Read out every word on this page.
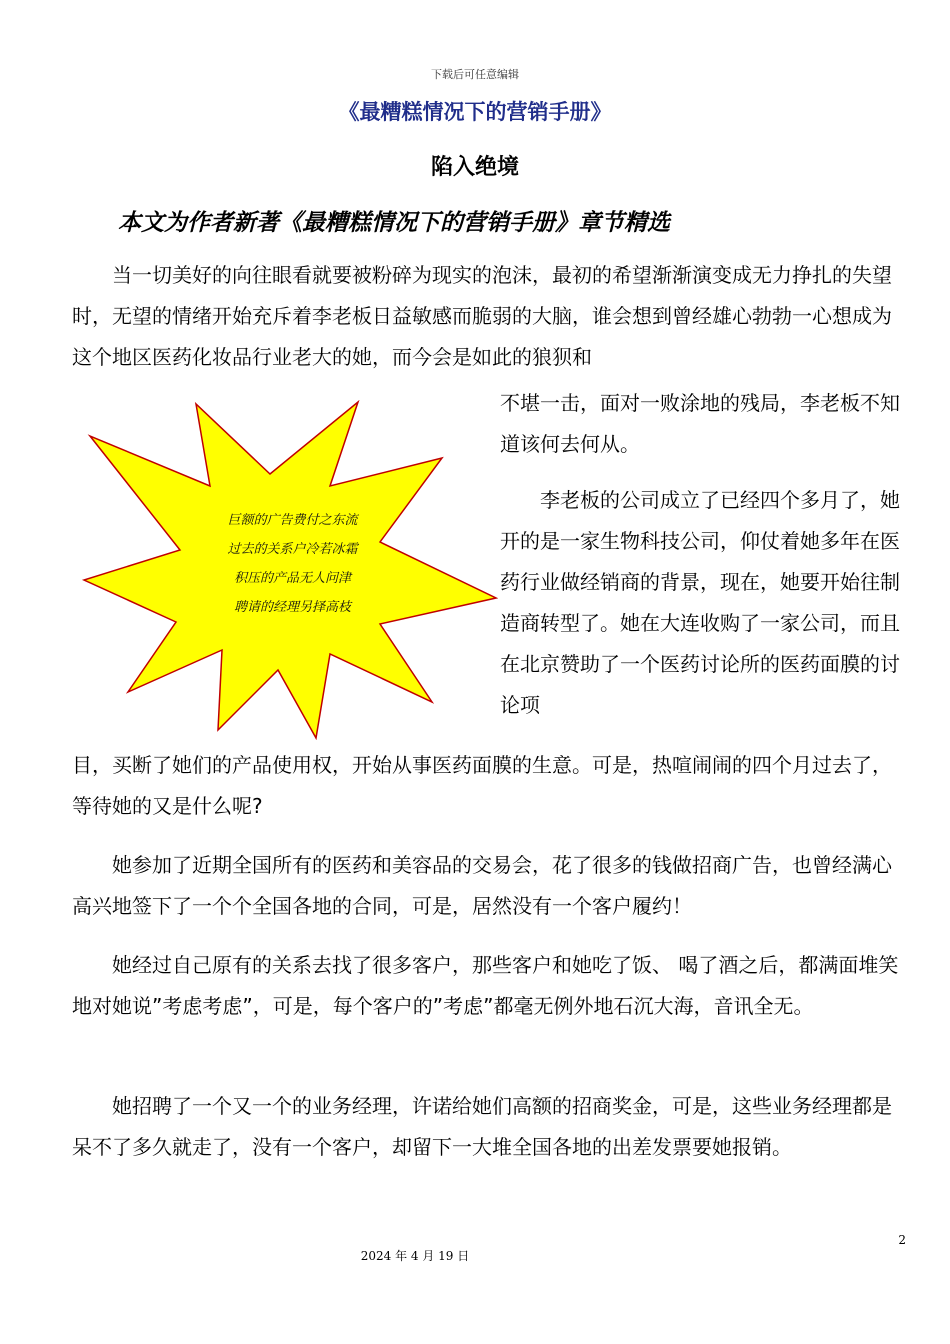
下载后可任意编辑
《最糟糕情况下的营销手册》
陷入绝境
本文为作者新著《最糟糕情况下的营销手册》章节精选

当一切美好的向往眼看就要被粉碎为现实的泡沫，最初的希望渐渐演变成无力挣扎的失望时，无望的情绪开始充斥着李老板日益敏感而脆弱的大脑，谁会想到曾经雄心勃勃一心想成为这个地区医药化妆品行业老大的她，而今会是如此的狼狈和

巨额的广告费付之东流
过去的关系户冷若冰霜
积压的产品无人问津
聘请的经理另择高枝

不堪一击，面对一败涂地的残局，李老板不知道该何去何从。

李老板的公司成立了已经四个多月了，她开的是一家生物科技公司，仰仗着她多年在医药行业做经销商的背景，现在，她要开始往制造商转型了。她在大连收购了一家公司，而且在北京赞助了一个医药讨论所的医药面膜的讨论项

目，买断了她们的产品使用权，开始从事医药面膜的生意。可是，热喧闹闹的四个月过去了，等待她的又是什么呢?

她参加了近期全国所有的医药和美容品的交易会，花了很多的钱做招商广告，也曾经满心高兴地签下了一个个全国各地的合同，可是，居然没有一个客户履约！

她经过自己原有的关系去找了很多客户，那些客户和她吃了饭、 喝了酒之后，都满面堆笑地对她说”考虑考虑”，可是，每个客户的”考虑”都毫无例外地石沉大海，音讯全无。

她招聘了一个又一个的业务经理，许诺给她们高额的招商奖金，可是，这些业务经理都是呆不了多久就走了，没有一个客户，却留下一大堆全国各地的出差发票要她报销。

2
2024 年 4 月 19 日
